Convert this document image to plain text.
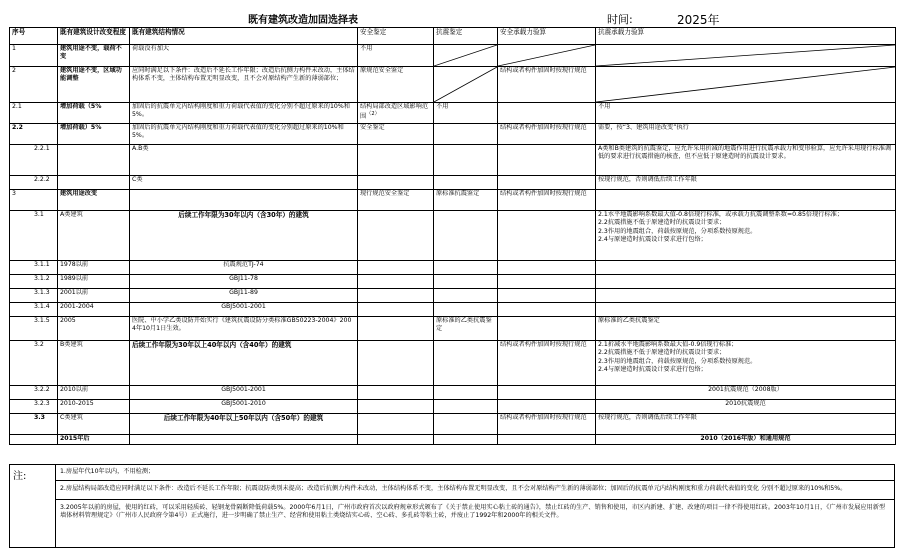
既有建筑改造加固选择表	时间:	2025年
序号	既有建筑设计改变程度	既有建筑结构情况	安全鉴定	抗震鉴定	安全承载力验算	抗震承载力验算
1	建筑用途不变，载荷不变	荷载没有加大	不用	

2	建筑用途不变，区域功能调整	应同时满足以下条件：改造后不延长工作年限；改造后抗侧力构件未改动，主体结构体系不变，主体结构布置无明显改变，且不会对原结构产生新的薄弱部位；	原规范安全鉴定		结构或者构件加固时按现行规范	

2.1	增加荷载（5%	加固后的抗震单元内结构刚度和重力荷载代表值的变化分别不超过原来的10%和5%。	结构局部改造区域影响范围$^{(2)}$	不用		不用
2.2	增加荷载）5%	加固后的抗震单元内结构刚度和重力荷载代表值的变化分别超过原来的10%和5%。	安全鉴定		结构或者构件加固时按现行规范	需要，按“3、建筑用途改变”执行
2.2.1		A.B类				A类和B类建筑的抗震鉴定，应允许采用折减的地震作用进行抗震承载力和变形验算，应允许采用现行标准调低的要求进行抗震措施的核查，但不应低于原建造时的抗震设计要求。
2.2.2		C类				按现行规范，否则调低后续工作年限
3	建筑用途改变		现行规范安全鉴定	原标准抗震鉴定	结构或者构件加固时按现行规范	
3.1	A类建筑	后续工作年限为30年以内（含30年）的建筑				2.1水平地震影响系数最大值-0.8倍现行标准，或承载力抗震调整系数=0.85倍现行标准；
2.2抗震措施不低于原建造时的抗震设计要求；
2.3作用的地震组合，荷载按原规范，分项系数按原规范。
2.4与原建造时抗震设计要求进行包络；
3.1.1	1978以前	抗震规范TJ-74				
3.1.2	1989以前	GBJ11-78				
3.1.3	2001以前	GBJ11-89				
3.1.4	2001-2004	GBJ5001-2001				
3.1.5	2005	医院、中小学乙类设防开始实行《建筑抗震设防分类标准GB50223-2004》2004年10月1日生效。		原标准的乙类抗震鉴定		原标准的乙类抗震鉴定
3.2	B类建筑	后续工作年限为30年以上40年以内（含40年）的建筑			结构或者构件加固时按现行规范	2.1折减水平地震影响系数最大值-0.9倍现行标准；
2.2抗震措施不低于原建造时的抗震设计要求；
2.3作用的地震组合，荷载按原规范，分项系数按原规范。
2.4与原建造时抗震设计要求进行包络；
3.2.2	2010以前	GBJ5001-2001				2001抗震规范（2008版）
3.2.3	2010-2015	GBJ5001-2010				2010抗震规范
3.3	C类建筑	后续工作年限为40年以上50年以内（含50年）的建筑			结构或者构件加固时按现行规范	按现行规范，否则调低后续工作年限
	2015年后					2010（2016年版）和通用规范
注:	1.房屋年代10年以内，不用检测；
2.房屋结构局部改造应同时满足以下条件：改造后不延长工作年限；抗震设防类别未提高；改造后抗侧力构件未改动，主体结构体系不变，主体结构布置无明显改变，且不会对原结构产生新的薄弱部位；加固后的抗震单元内结构刚度和重力荷载代表值的变化 分别不超过原来的10%和5%。
3.2005年以前的房屋，使用的红砖，可以采用轻质砖、轻钢龙骨隔断降低荷载5%。2000年6月1日，广州市政府首次以政府规章形式颁布了《关于禁止使用实心粘土砖的通告》，禁止红砖的生产、销售和使用，市区内新建、扩建、改建的项目一律不得使用红砖。2003年10月1日，《广州市发展应用新型墙体材料管理规定》（广州市人民政府令第4号）正式施行，进一步明确了禁止生产、经营和使用粘土类烧结实心砖、空心砖、多孔砖等粘土砖，并废止了1992年和2000年的相关文件。
